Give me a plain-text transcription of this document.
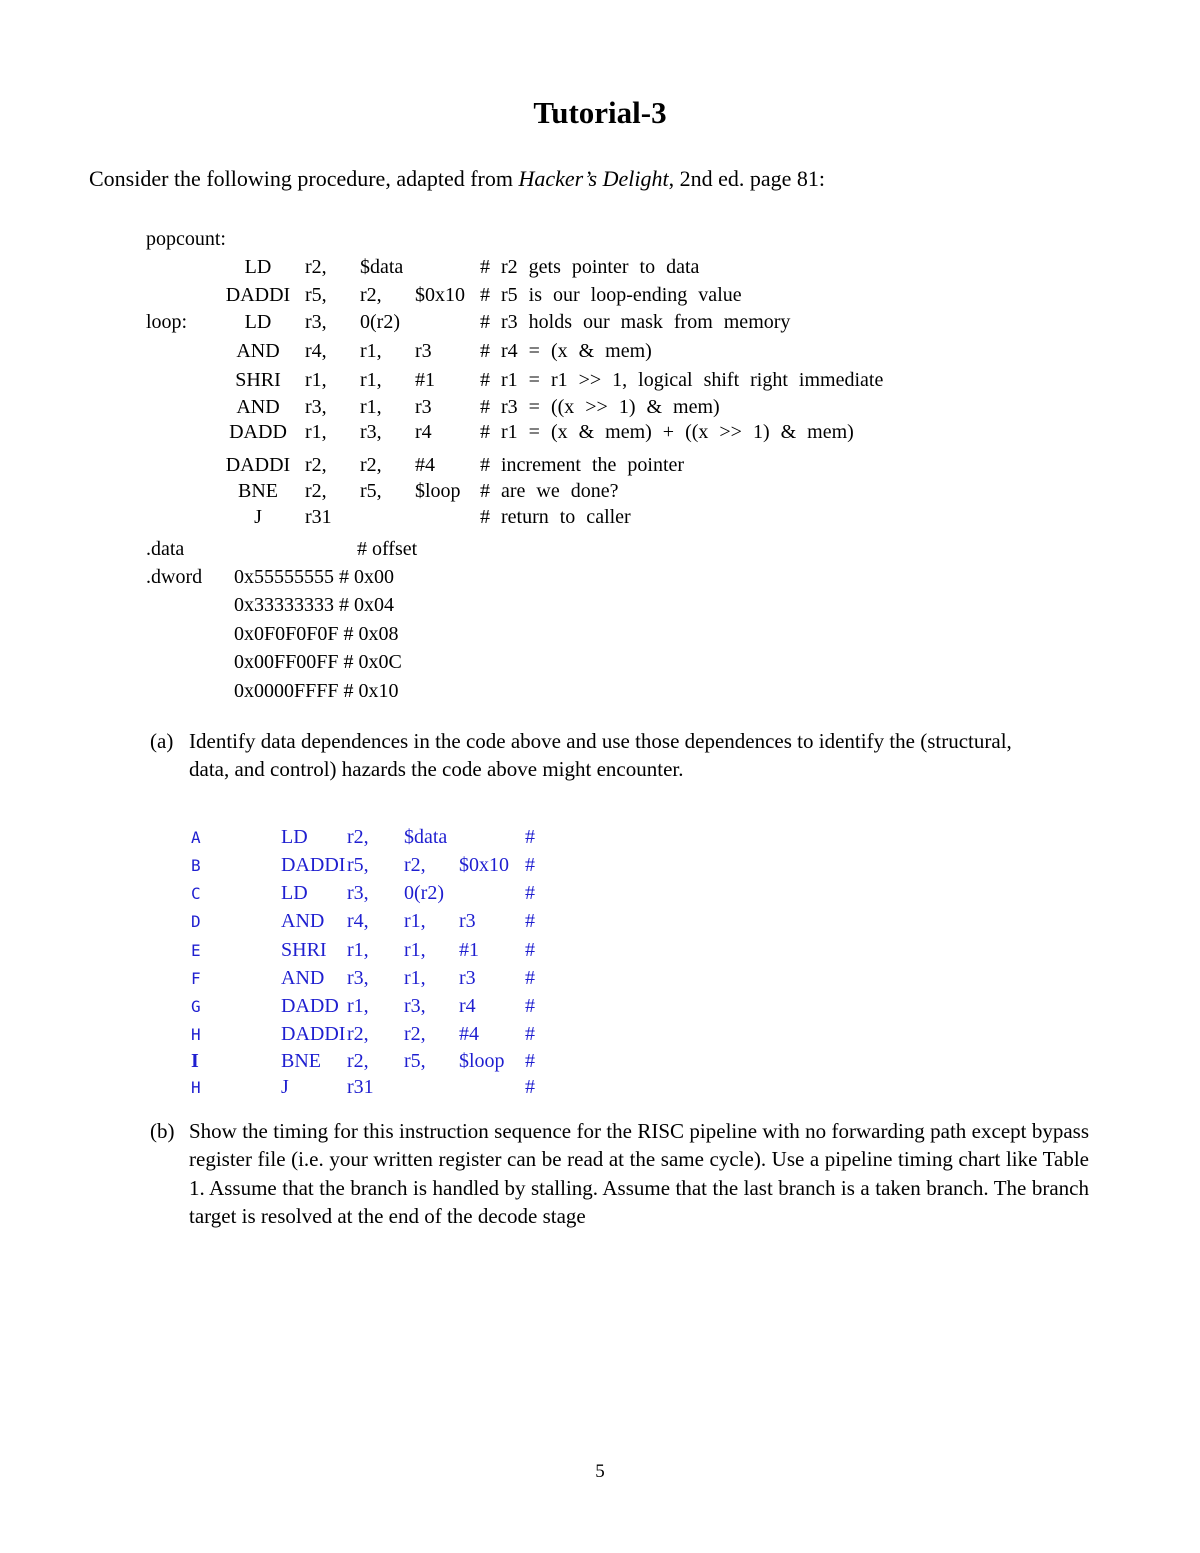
Tutorial-3
Consider the following procedure, adapted from Hacker’s Delight, 2nd ed. page 81:
popcount:
LD	r2, $data	# r2 gets pointer to data
DADDI r5, r2, $0x10 # r5 is our loop-ending value
loop:	LD	r3, 0(r2)	# r3 holds our mask from memory
AND	r4, r1, r3 # r4 = (x & mem)
SHRI	r1, r1, #1 # r1 = r1 >> 1, logical shift right immediate
AND	r3, r1, r3 # r3 = ((x >> 1) & mem)
DADD r1, r3, r4 # r1 = (x & mem) + ((x >> 1) & mem)
DADDI r2, r2, #4 # increment the pointer
BNE	r2, r5, $loop # are we done?
J	r31	# return to caller
.data	# offset
.dword 0x55555555 # 0x00
0x33333333 # 0x04
0x0F0F0F0F # 0x08
0x00FF00FF # 0x0C
0x0000FFFF # 0x10
(a) Identify data dependences in the code above and use those dependences to identify the (structural, data, and control) hazards the code above might encounter.
A	LD r2, $data	#
B	DADDI r5, r2, $0x10 #
C	LD r3, 0(r2)	#
D	AND r4, r1, r3 #
E	SHRI r1, r1, #1 #
F	AND r3, r1, r3 #
G	DADD r1, r3, r4 #
H	DADDI r2, r2, #4 #
I	BNE r2, r5, $loop #
H	J	r31	#
(b) Show the timing for this instruction sequence for the RISC pipeline with no forwarding path except bypass register file (i.e. your written register can be read at the same cycle). Use a pipeline timing chart like Table 1. Assume that the branch is handled by stalling. Assume that the last branch is a taken branch. The branch target is resolved at the end of the decode stage
5
